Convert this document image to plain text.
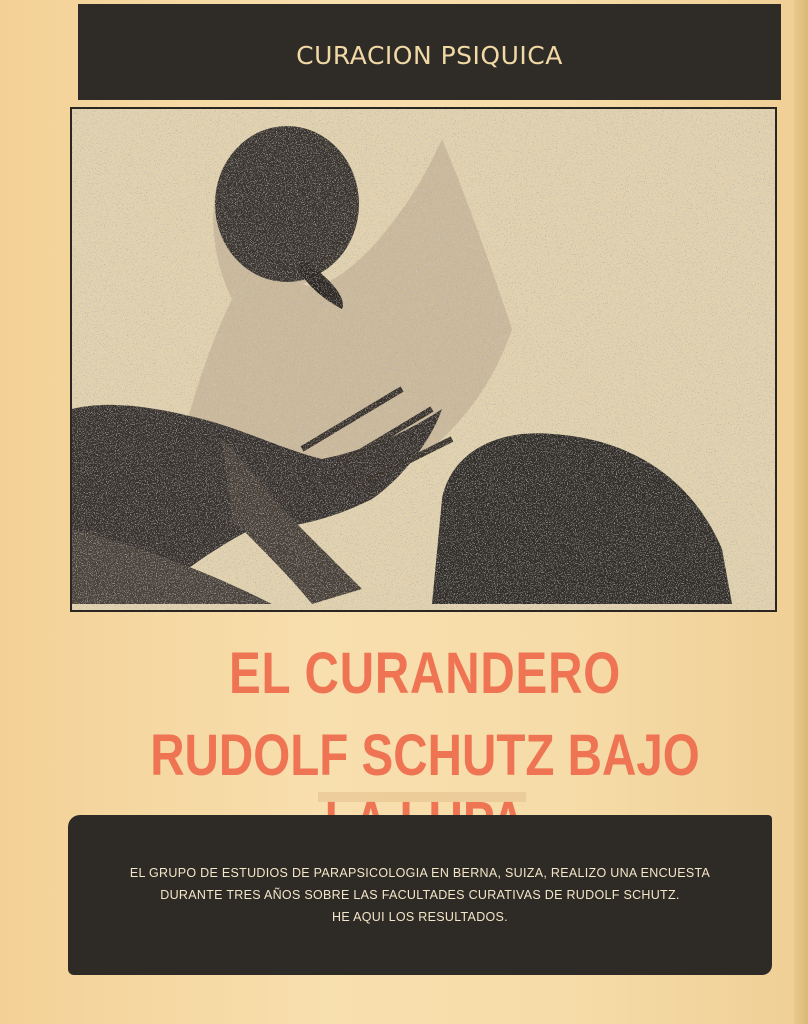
CURACION PSIQUICA
EL CURANDERO
RUDOLF SCHUTZ BAJO
EL GRUPO DE ESTUDIOS DE PARAPSICOLOGIA EN BERNA, SUIZA, REALIZO UNA ENCUESTA
DURANTE TRES AÑOS SOBRE LAS FACULTADES CURATIVAS DE RUDOLF SCHUTZ.
HE AQUI LOS RESULTADOS.
